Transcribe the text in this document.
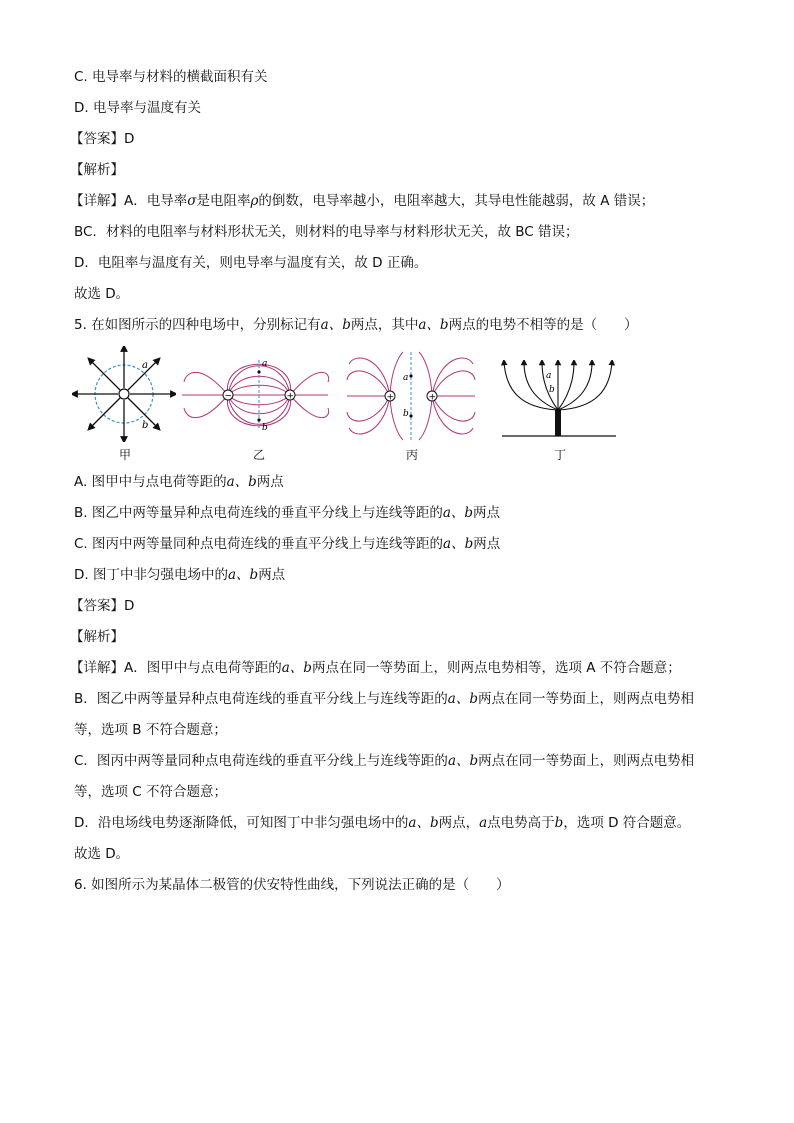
C. 电导率与材料的横截面积有关
D. 电导率与温度有关
【答案】D
【解析】
【详解】A．电导率σ是电阻率ρ的倒数，电导率越小，电阻率越大，其导电性能越弱，故 A 错误；
BC．材料的电阻率与材料形状无关，则材料的电导率与材料形状无关，故 BC 错误；
D．电阻率与温度有关，则电导率与温度有关，故 D 正确。
故选 D。
5. 在如图所示的四种电场中，分别标记有a、b两点，其中a、b两点的电势不相等的是（　　）
a
b
−	+
a
b
+	+
a
b
a
b
甲	乙	丙	丁
A. 图甲中与点电荷等距的a、b两点
B. 图乙中两等量异种点电荷连线的垂直平分线上与连线等距的a、b两点
C. 图丙中两等量同种点电荷连线的垂直平分线上与连线等距的a、b两点
D. 图丁中非匀强电场中的a、b两点
【答案】D
【解析】
【详解】A．图甲中与点电荷等距的a、b两点在同一等势面上，则两点电势相等，选项 A 不符合题意；
B．图乙中两等量异种点电荷连线的垂直平分线上与连线等距的a、b两点在同一等势面上，则两点电势相
等，选项 B 不符合题意；
C．图丙中两等量同种点电荷连线的垂直平分线上与连线等距的a、b两点在同一等势面上，则两点电势相
等，选项 C 不符合题意；
D．沿电场线电势逐渐降低，可知图丁中非匀强电场中的a、b两点，a点电势高于b，选项 D 符合题意。
故选 D。
6. 如图所示为某晶体二极管的伏安特性曲线，下列说法正确的是（　　）
